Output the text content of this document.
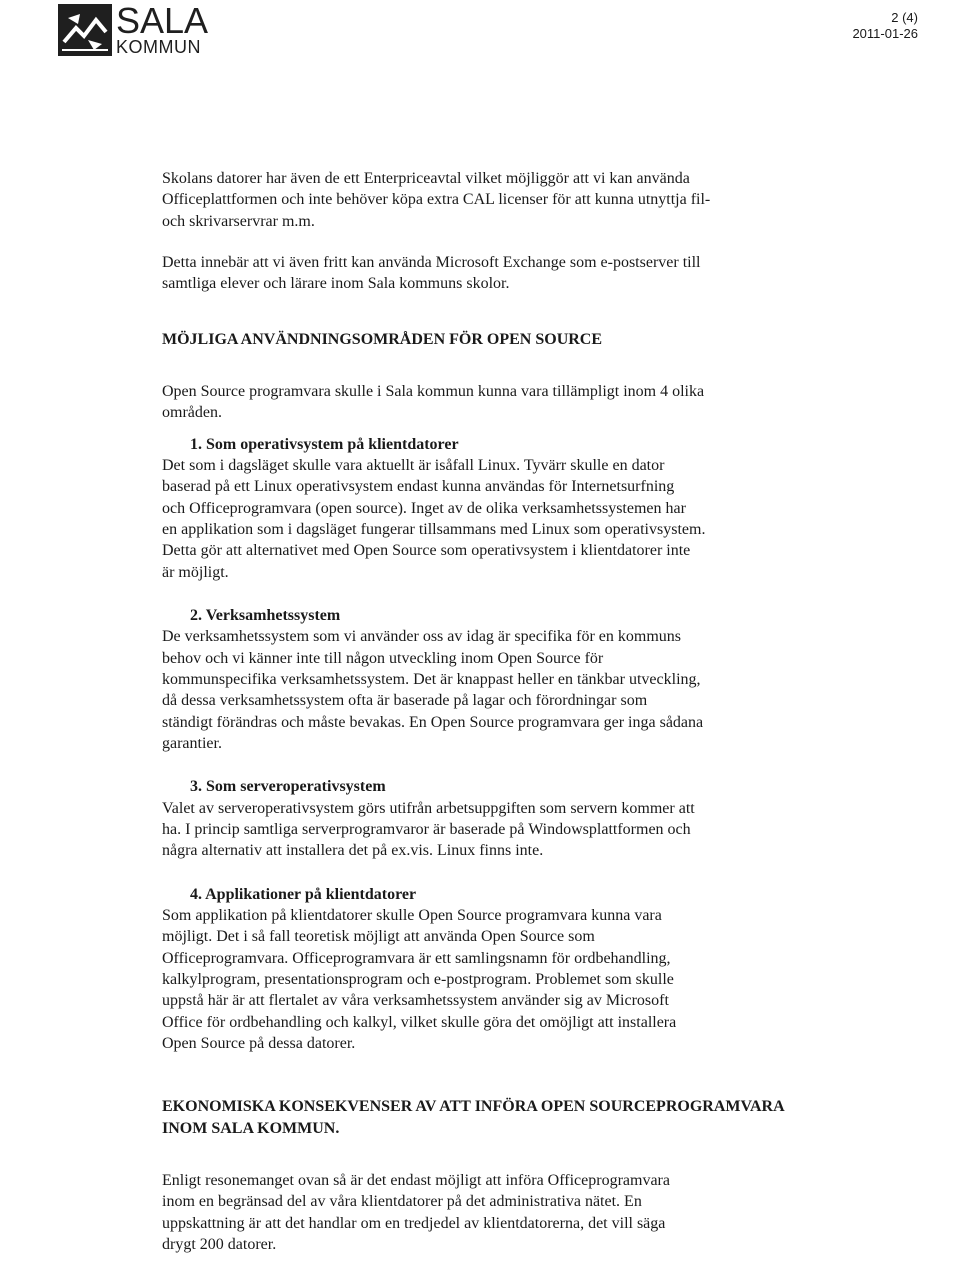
SALA
KOMMUN
2 (4)
2011-01-26

Skolans datorer har även de ett Enterpriceavtal vilket möjliggör att vi kan använda

Officeplattformen och inte behöver köpa extra CAL licenser för att kunna utnyttja fil-

och skrivarservrar m.m.

Detta innebär att vi även fritt kan använda Microsoft Exchange som e-postserver till

samtliga elever och lärare inom Sala kommuns skolor.

MÖJLIGA ANVÄNDNINGSOMRÅDEN FÖR OPEN SOURCE

Open Source programvara skulle i Sala kommun kunna vara tillämpligt inom 4 olika

områden.

1. Som operativsystem på klientdatorer

Det som i dagsläget skulle vara aktuellt är isåfall Linux. Tyvärr skulle en dator

baserad på ett Linux operativsystem endast kunna användas för Internetsurfning

och Officeprogramvara (open source). Inget av de olika verksamhetssystemen har

en applikation som i dagsläget fungerar tillsammans med Linux som operativsystem.

Detta gör att alternativet med Open Source som operativsystem i klientdatorer inte

är möjligt.

2. Verksamhetssystem

De verksamhetssystem som vi använder oss av idag är specifika för en kommuns

behov och vi känner inte till någon utveckling inom Open Source för

kommunspecifika verksamhetssystem. Det är knappast heller en tänkbar utveckling,

då dessa verksamhetssystem ofta är baserade på lagar och förordningar som

ständigt förändras och måste bevakas. En Open Source programvara ger inga sådana

garantier.

3. Som serveroperativsystem

Valet av serveroperativsystem görs utifrån arbetsuppgiften som servern kommer att

ha. I princip samtliga serverprogramvaror är baserade på Windowsplattformen och

några alternativ att installera det på ex.vis. Linux finns inte.

4. Applikationer på klientdatorer

Som applikation på klientdatorer skulle Open Source programvara kunna vara

möjligt. Det i så fall teoretisk möjligt att använda Open Source som

Officeprogramvara. Officeprogramvara är ett samlingsnamn för ordbehandling,

kalkylprogram, presentationsprogram och e-postprogram. Problemet som skulle

uppstå här är att flertalet av våra verksamhetssystem använder sig av Microsoft

Office för ordbehandling och kalkyl, vilket skulle göra det omöjligt att installera

Open Source på dessa datorer.

EKONOMISKA KONSEKVENSER AV ATT INFÖRA OPEN SOURCEPROGRAMVARA
INOM SALA KOMMUN.

Enligt resonemanget ovan så är det endast möjligt att införa Officeprogramvara

inom en begränsad del av våra klientdatorer på det administrativa nätet. En

uppskattning är att det handlar om en tredjedel av klientdatorerna, det vill säga

drygt 200 datorer.
